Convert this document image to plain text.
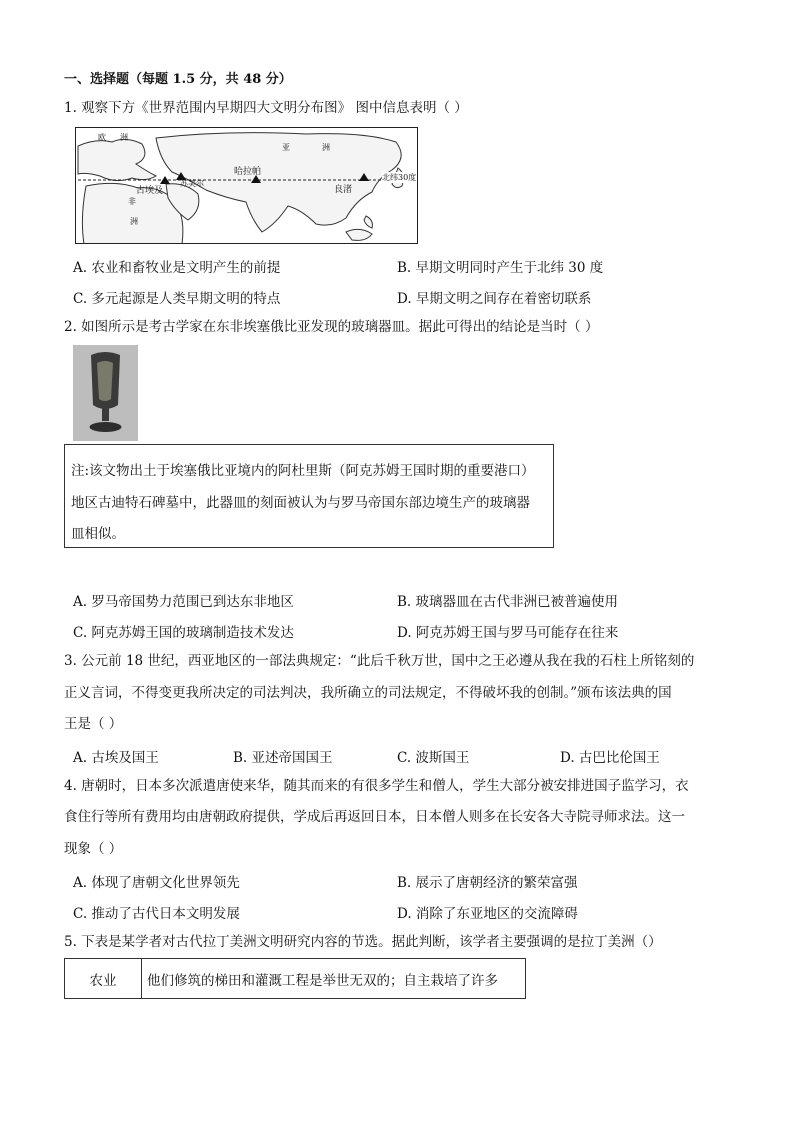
一、选择题（每题 1.5 分，共 48 分）
1. 观察下方《世界范围内早期四大文明分布图》 图中信息表明（ ）
欧 洲
亚	洲
哈拉帕
苏美尔
古埃及
非
洲
良渚
北纬30度
A. 农业和畜牧业是文明产生的前提	B. 早期文明同时产生于北纬 30 度
C. 多元起源是人类早期文明的特点	D. 早期文明之间存在着密切联系
2. 如图所示是考古学家在东非埃塞俄比亚发现的玻璃器皿。据此可得出的结论是当时（ ）
注:该文物出土于埃塞俄比亚境内的阿杜里斯（阿克苏姆王国时期的重要港口）
地区古迪特石碑墓中，此器皿的刻面被认为与罗马帝国东部边境生产的玻璃器
皿相似。
A. 罗马帝国势力范围已到达东非地区	B. 玻璃器皿在古代非洲已被普遍使用
C. 阿克苏姆王国的玻璃制造技术发达	D. 阿克苏姆王国与罗马可能存在往来
3. 公元前 18 世纪，西亚地区的一部法典规定：“此后千秋万世，国中之王必遵从我在我的石柱上所铭刻的
正义言词，不得变更我所决定的司法判决，我所确立的司法规定，不得破坏我的创制。”颁布该法典的国
王是（ ）
A. 古埃及国王	B. 亚述帝国国王	C. 波斯国王	D. 古巴比伦国王
4. 唐朝时，日本多次派遣唐使来华，随其而来的有很多学生和僧人，学生大部分被安排进国子监学习，衣
食住行等所有费用均由唐朝政府提供，学成后再返回日本，日本僧人则多在长安各大寺院寻师求法。这一
现象（ ）
A. 体现了唐朝文化世界领先	B. 展示了唐朝经济的繁荣富强
C. 推动了古代日本文明发展	D. 消除了东亚地区的交流障碍
5. 下表是某学者对古代拉丁美洲文明研究内容的节选。据此判断，该学者主要强调的是拉丁美洲（）
农业	他们修筑的梯田和灌溉工程是举世无双的；自主栽培了许多
